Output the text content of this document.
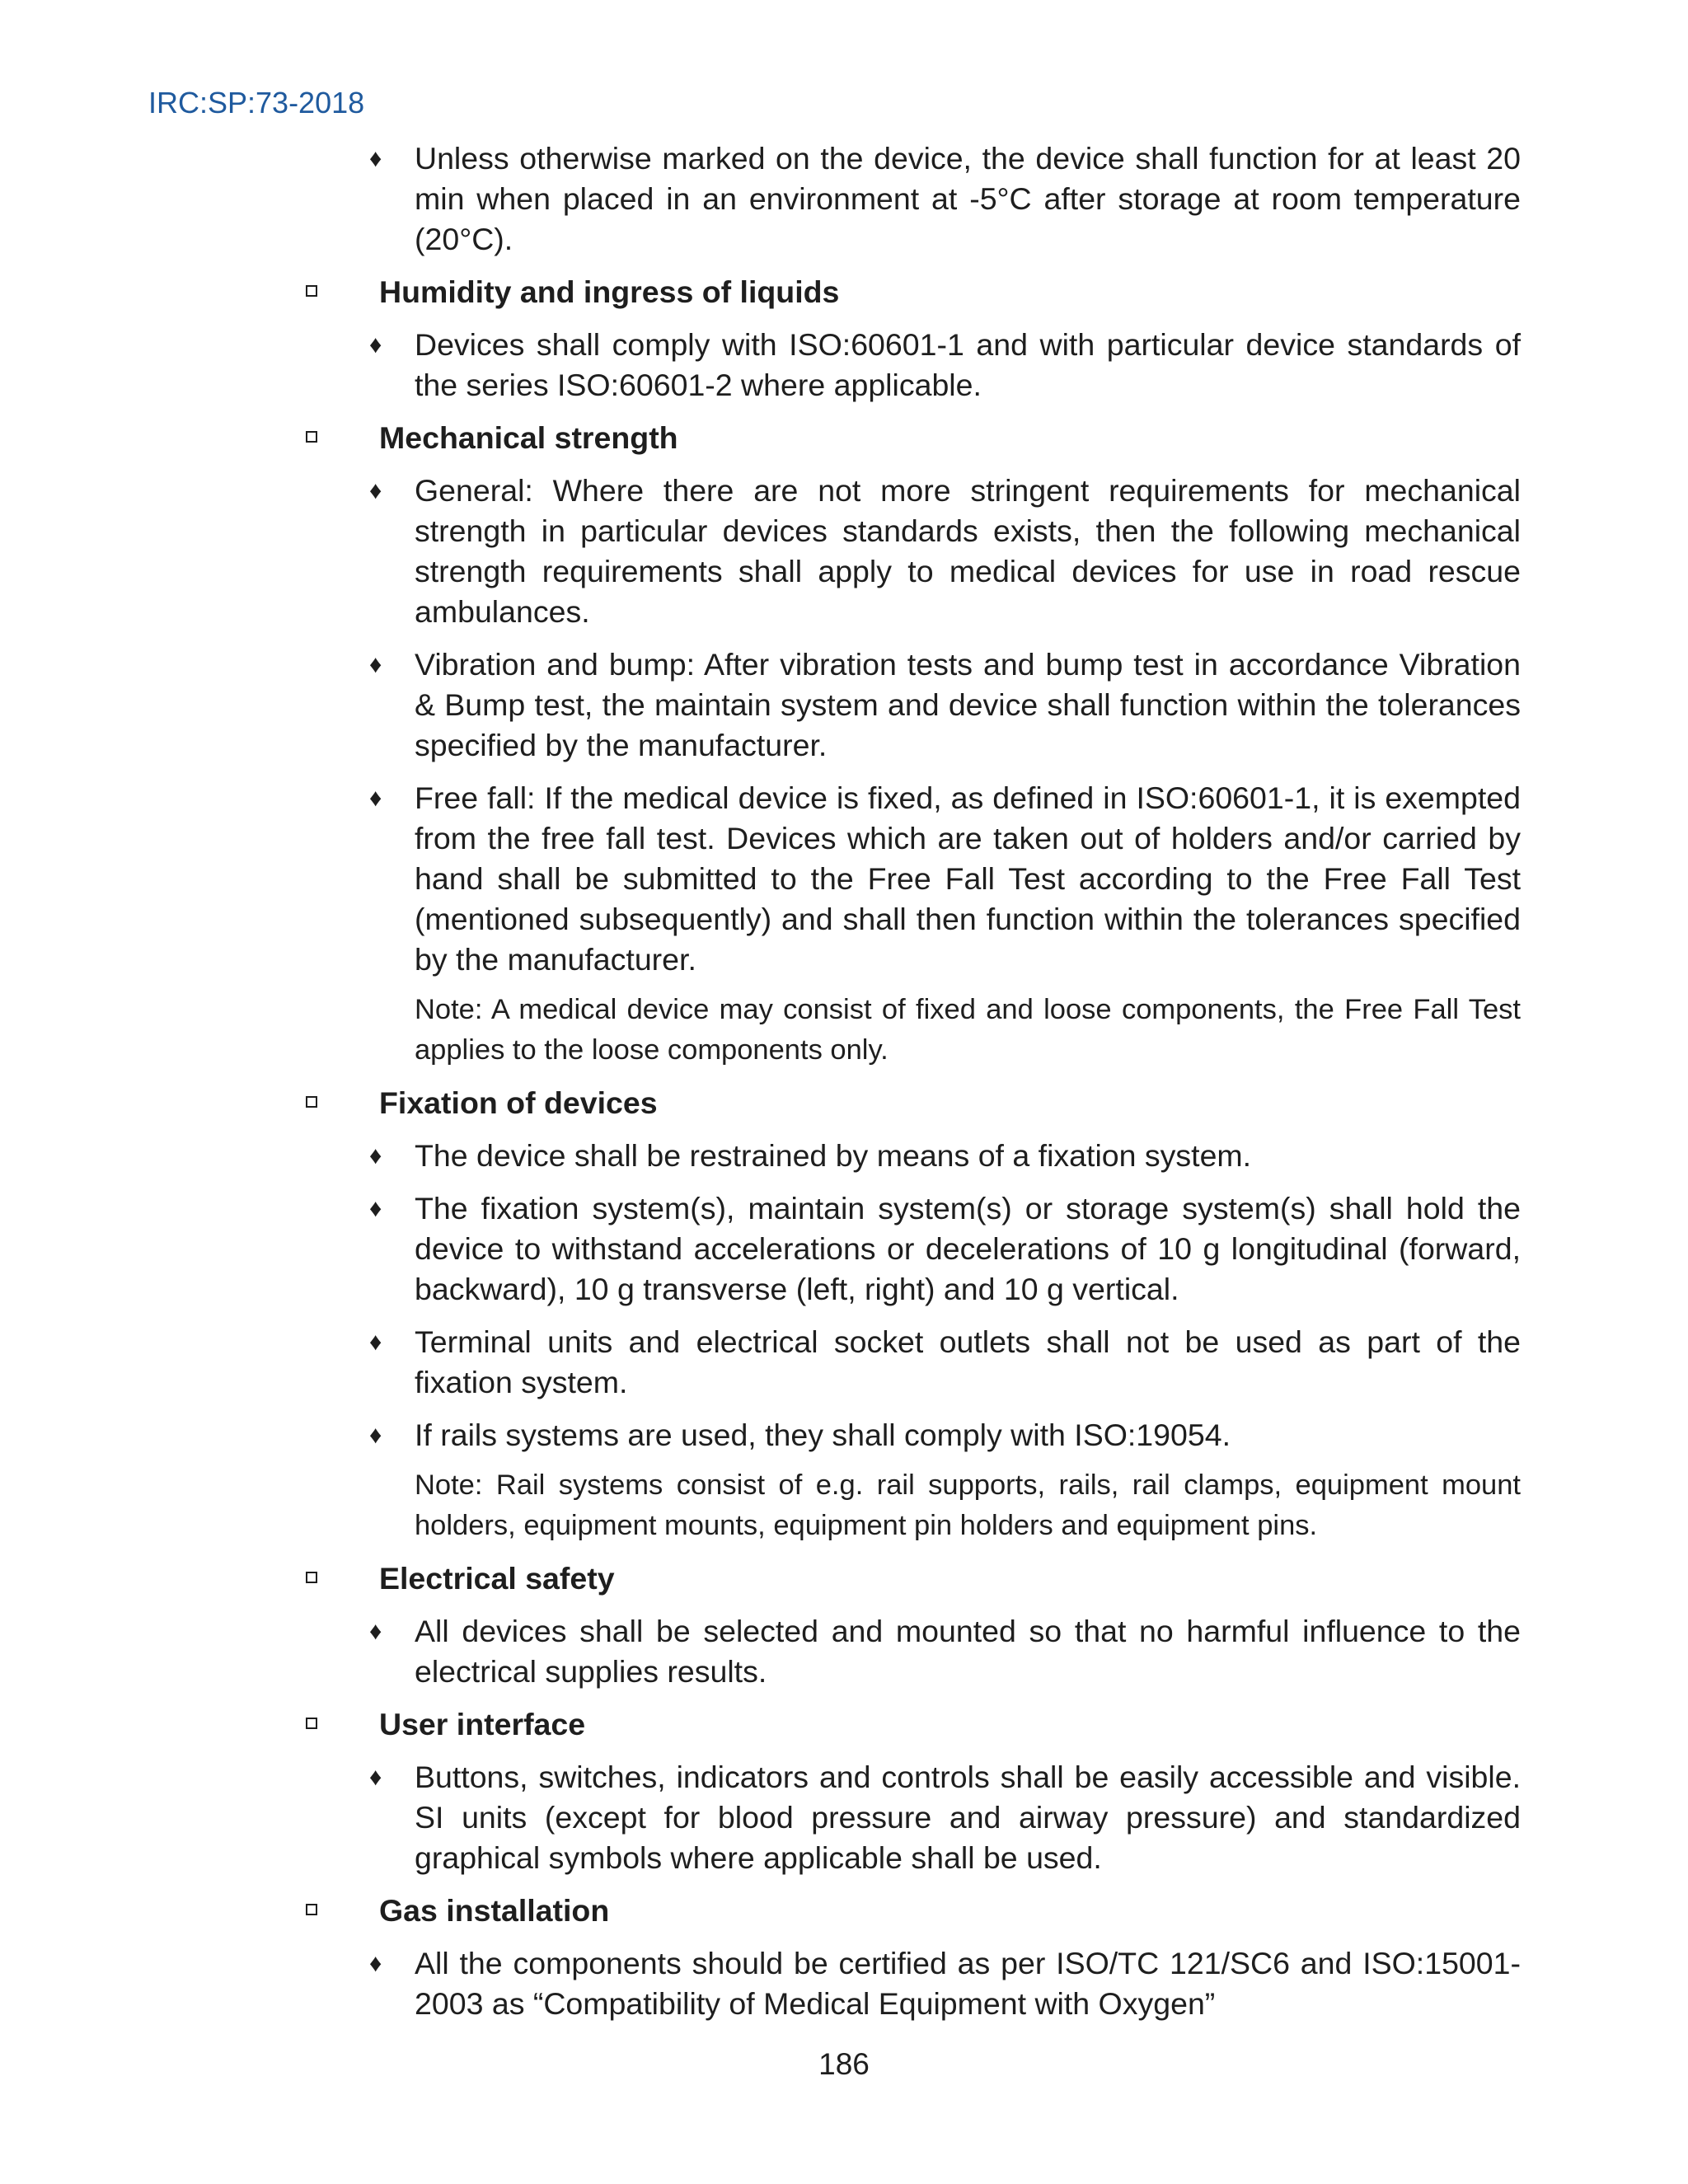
IRC:SP:73-2018
♦ Unless otherwise marked on the device, the device shall function for at least 20 min when placed in an environment at -5°C after storage at room temperature (20°C).
Humidity and ingress of liquids
♦ Devices shall comply with ISO:60601-1 and with particular device standards of the series ISO:60601-2 where applicable.
Mechanical strength
♦ General: Where there are not more stringent requirements for mechanical strength in particular devices standards exists, then the following mechanical strength requirements shall apply to medical devices for use in road rescue ambulances.
♦ Vibration and bump: After vibration tests and bump test in accordance Vibration & Bump test, the maintain system and device shall function within the tolerances specified by the manufacturer.
♦ Free fall: If the medical device is fixed, as defined in ISO:60601-1, it is exempted from the free fall test. Devices which are taken out of holders and/or carried by hand shall be submitted to the Free Fall Test according to the Free Fall Test (mentioned subsequently) and shall then function within the tolerances specified by the manufacturer.
Note: A medical device may consist of fixed and loose components, the Free Fall Test applies to the loose components only.
Fixation of devices
♦ The device shall be restrained by means of a fixation system.
♦ The fixation system(s), maintain system(s) or storage system(s) shall hold the device to withstand accelerations or decelerations of 10 g longitudinal (forward, backward), 10 g transverse (left, right) and 10 g vertical.
♦ Terminal units and electrical socket outlets shall not be used as part of the fixation system.
♦ If rails systems are used, they shall comply with ISO:19054.
Note: Rail systems consist of e.g. rail supports, rails, rail clamps, equipment mount holders, equipment mounts, equipment pin holders and equipment pins.
Electrical safety
♦ All devices shall be selected and mounted so that no harmful influence to the electrical supplies results.
User interface
♦ Buttons, switches, indicators and controls shall be easily accessible and visible. SI units (except for blood pressure and airway pressure) and standardized graphical symbols where applicable shall be used.
Gas installation
♦ All the components should be certified as per ISO/TC 121/SC6 and ISO:15001-2003 as “Compatibility of Medical Equipment with Oxygen”

186
